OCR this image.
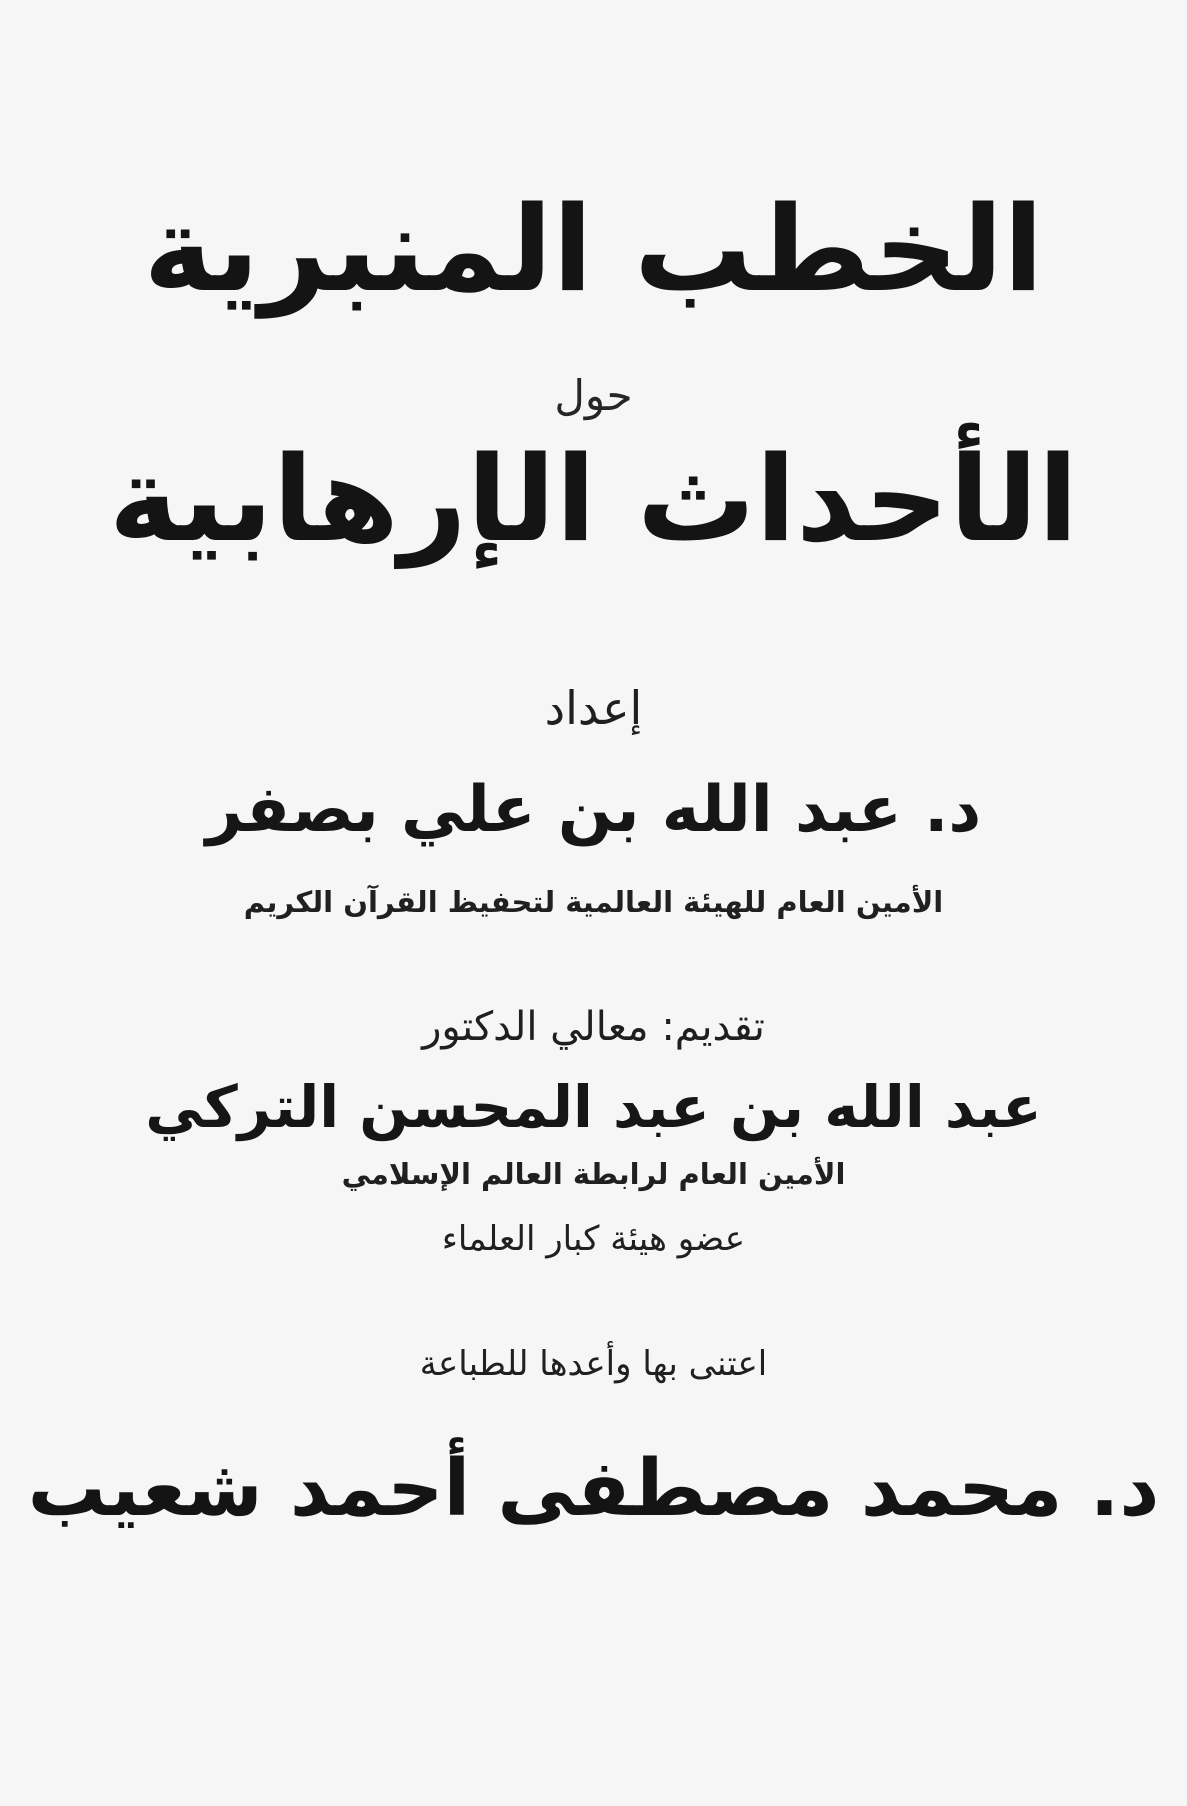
الخطب المنبرية
حول
الأحداث الإرهابية
إعداد
د. عبد الله بن علي بصفر
الأمين العام للهيئة العالمية لتحفيظ القرآن الكريم
تقديم: معالي الدكتور
عبد الله بن عبد المحسن التركي
الأمين العام لرابطة العالم الإسلامي
عضو هيئة كبار العلماء
اعتنى بها وأعدها للطباعة
د. محمد مصطفى أحمد شعيب
